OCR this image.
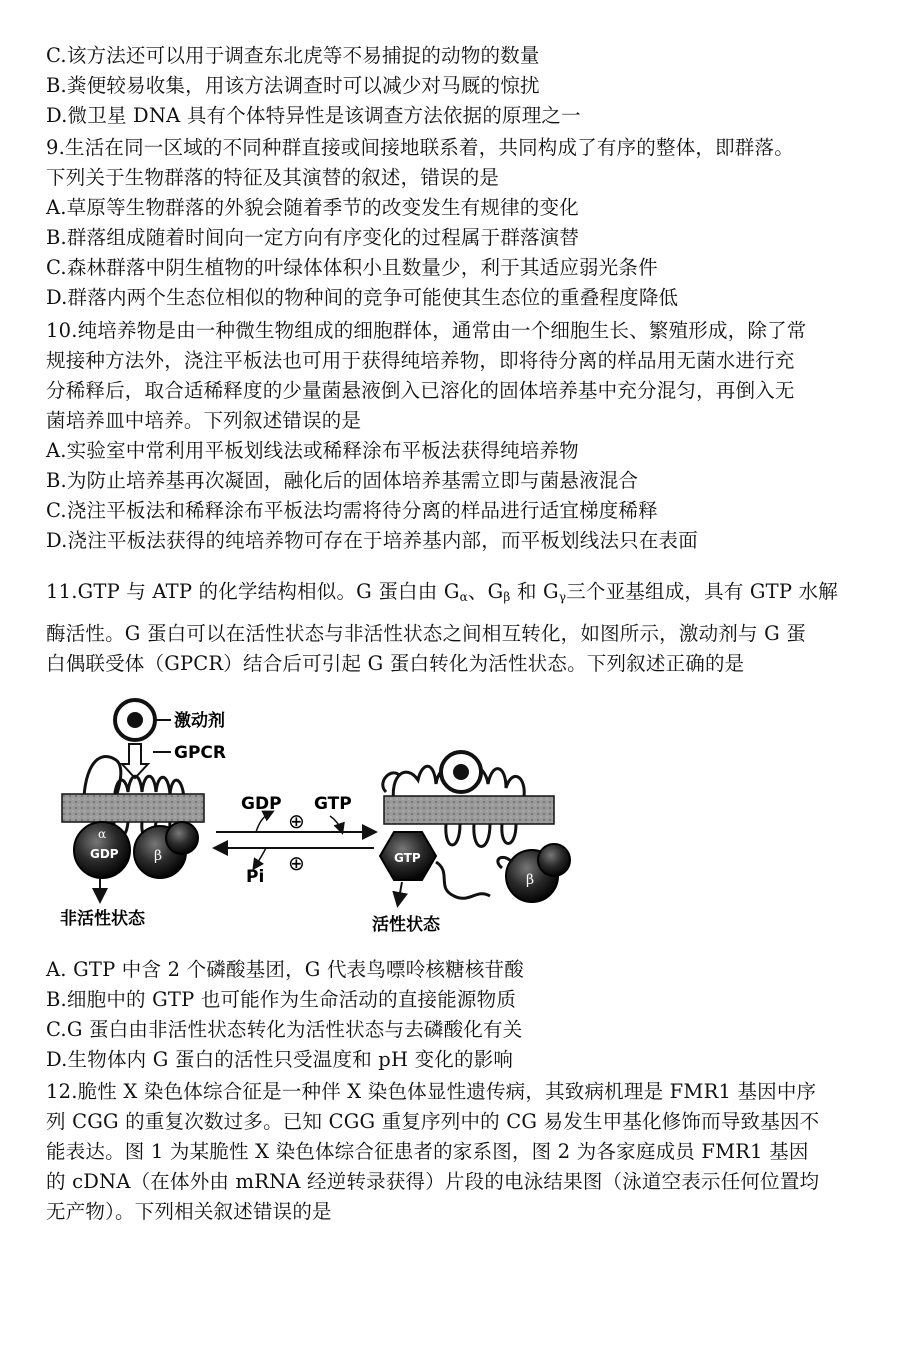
C.该方法还可以用于调查东北虎等不易捕捉的动物的数量
B.粪便较易收集，用该方法调查时可以减少对马厩的惊扰
D.微卫星 DNA 具有个体特异性是该调查方法依据的原理之一
9.生活在同一区域的不同种群直接或间接地联系着，共同构成了有序的整体，即群落。
下列关于生物群落的特征及其演替的叙述，错误的是
A.草原等生物群落的外貌会随着季节的改变发生有规律的变化
B.群落组成随着时间向一定方向有序变化的过程属于群落演替
C.森林群落中阴生植物的叶绿体体积小且数量少，利于其适应弱光条件
D.群落内两个生态位相似的物种间的竞争可能使其生态位的重叠程度降低
10.纯培养物是由一种微生物组成的细胞群体，通常由一个细胞生长、繁殖形成，除了常
规接种方法外，浇注平板法也可用于获得纯培养物，即将待分离的样品用无菌水进行充
分稀释后，取合适稀释度的少量菌悬液倒入已溶化的固体培养基中充分混匀，再倒入无
菌培养皿中培养。下列叙述错误的是
A.实验室中常利用平板划线法或稀释涂布平板法获得纯培养物
B.为防止培养基再次凝固，融化后的固体培养基需立即与菌悬液混合
C.浇注平板法和稀释涂布平板法均需将待分离的样品进行适宜梯度稀释
D.浇注平板法获得的纯培养物可存在于培养基内部，而平板划线法只在表面
11.GTP 与 ATP 的化学结构相似。G 蛋白由 $G_\alpha$、$G_\beta$ 和 $G_\gamma$三个亚基组成，具有 GTP 水解
酶活性。G 蛋白可以在活性状态与非活性状态之间相互转化，如图所示，激动剂与 G 蛋
白偶联受体（GPCR）结合后可引起 G 蛋白转化为活性状态。下列叙述正确的是
激动剂
GPCR
α
GDP	β
非活性状态
GDP
⊕
GTP
Pi
⊕	GTP
β
活性状态
A. GTP 中含 2 个磷酸基团，G 代表鸟嘌呤核糖核苷酸
B.细胞中的 GTP 也可能作为生命活动的直接能源物质
C.G 蛋白由非活性状态转化为活性状态与去磷酸化有关
D.生物体内 G 蛋白的活性只受温度和 pH 变化的影响
12.脆性 X 染色体综合征是一种伴 X 染色体显性遗传病，其致病机理是 FMR1 基因中序
列 CGG 的重复次数过多。已知 CGG 重复序列中的 CG 易发生甲基化修饰而导致基因不
能表达。图 1 为某脆性 X 染色体综合征患者的家系图，图 2 为各家庭成员 FMR1 基因
的 cDNA（在体外由 mRNA 经逆转录获得）片段的电泳结果图（泳道空表示任何位置均
无产物）。下列相关叙述错误的是
